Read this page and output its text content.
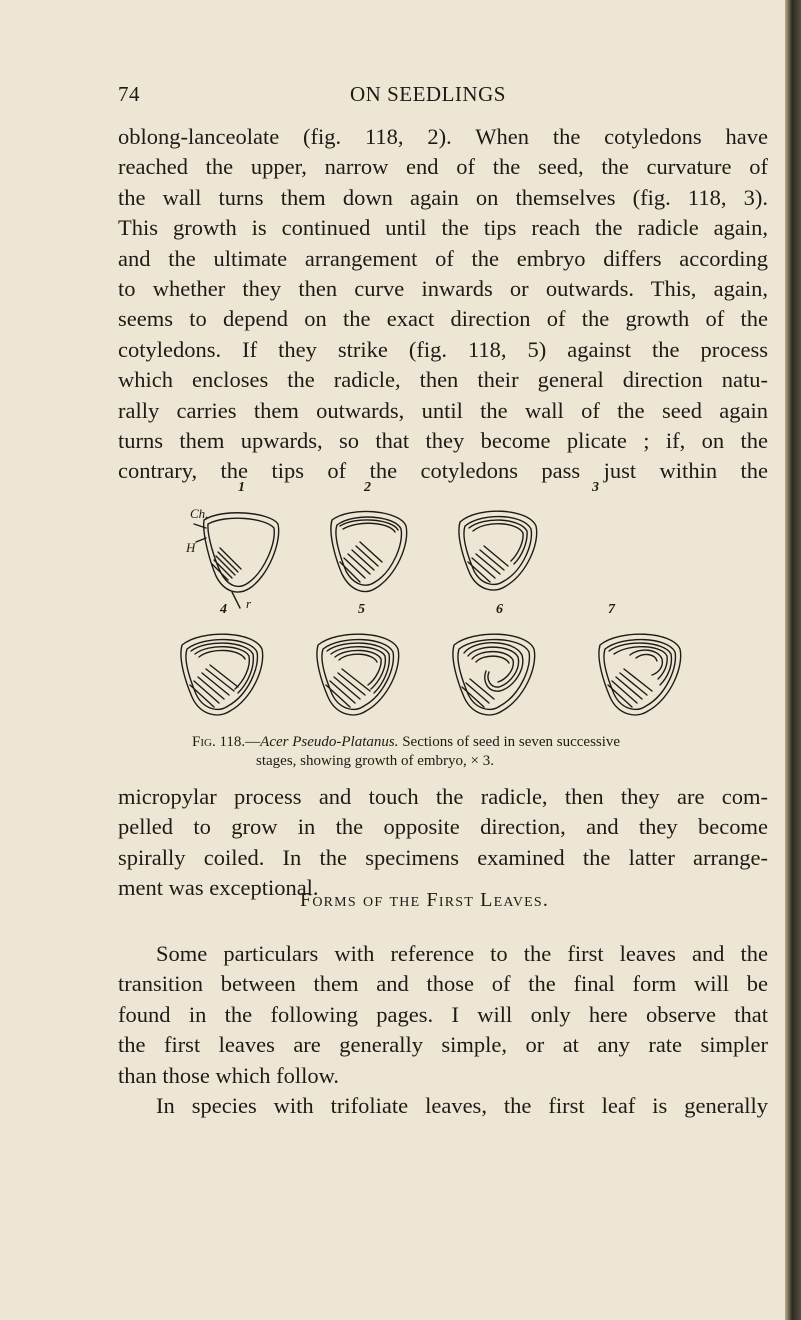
74	ON SEEDLINGS
oblong-lanceolate (fig. 118, 2). When the cotyledons have
reached the upper, narrow end of the seed, the curvature of
the wall turns them down again on themselves (fig. 118, 3).
This growth is continued until the tips reach the radicle again,
and the ultimate arrangement of the embryo differs according
to whether they then curve inwards or outwards. This, again,
seems to depend on the exact direction of the growth of the
cotyledons. If they strike (fig. 118, 5) against the process
which encloses the radicle, then their general direction natu-
rally carries them outwards, until the wall of the seed again
turns them upwards, so that they become plicate ; if, on the
contrary, the tips of the cotyledons pass just within the
1	2	3
4	5	6	7
Ch.
H
r
Fig. 118.—Acer Pseudo-Platanus. Sections of seed in seven successive
stages, showing growth of embryo, × 3.
micropylar process and touch the radicle, then they are com-
pelled to grow in the opposite direction, and they become
spirally coiled. In the specimens examined the latter arrange-
ment was exceptional.
Forms of the First Leaves.
Some particulars with reference to the first leaves and the
transition between them and those of the final form will be
found in the following pages. I will only here observe that
the first leaves are generally simple, or at any rate simpler
than those which follow.
In species with trifoliate leaves, the first leaf is generally
